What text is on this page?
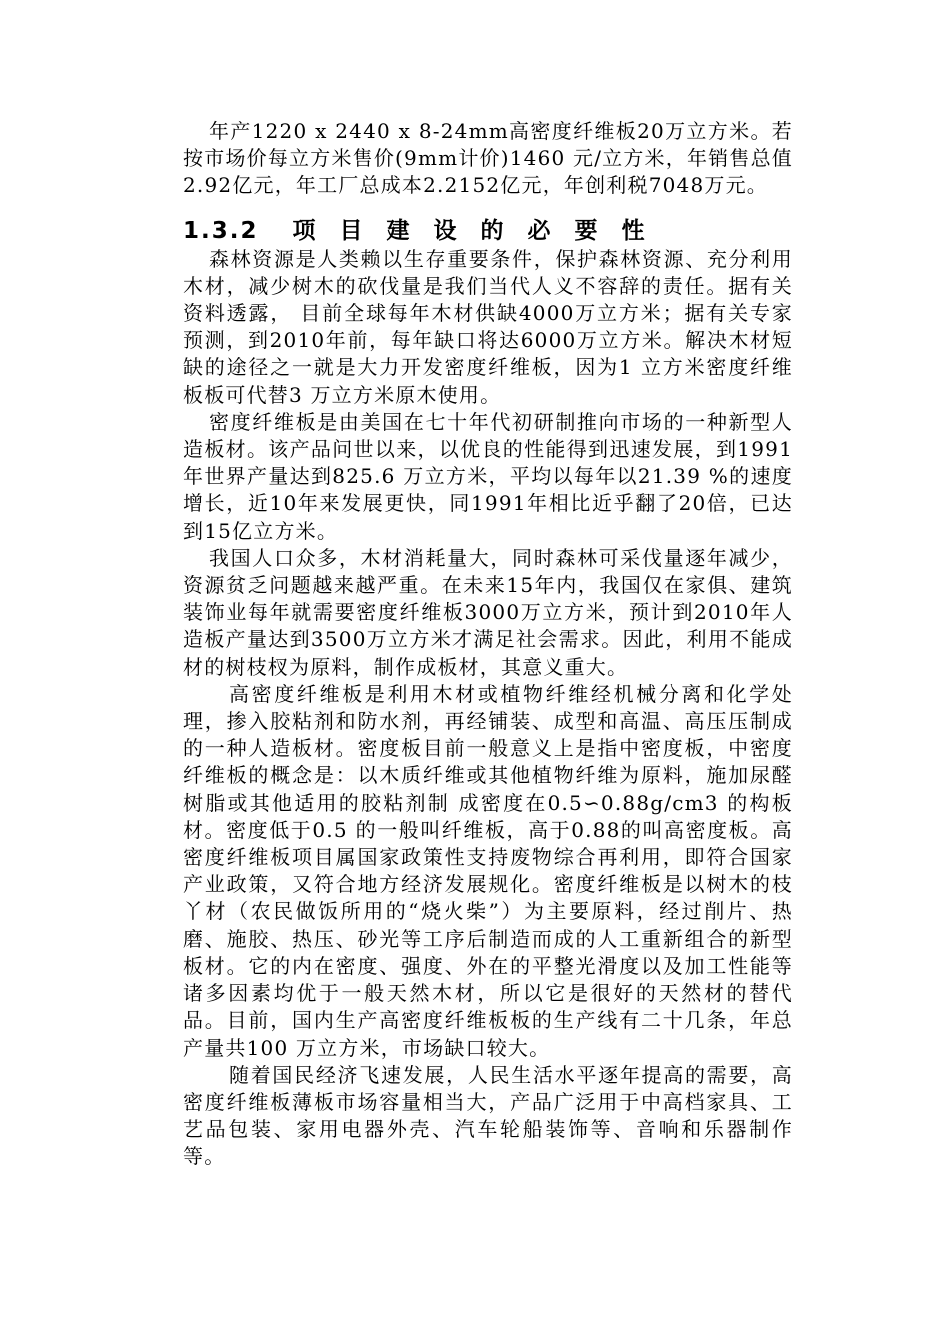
年产1220 x 2440 x 8-24mm高密度纤维板20万立方米。若按市场价每立方米售价(9mm计价)1460 元/立方米，年销售总值2.92亿元，年工厂总成本2.2152亿元，年创利税7048万元。

1.3.2 项目建设的必要性

森林资源是人类赖以生存重要条件，保护森林资源、充分利用木材，减少树木的砍伐量是我们当代人义不容辞的责任。据有关资料透露， 目前全球每年木材供缺4000万立方米；据有关专家预测，到2010年前，每年缺口将达6000万立方米。解决木材短缺的途径之一就是大力开发密度纤维板，因为1 立方米密度纤维板板可代替3 万立方米原木使用。

密度纤维板是由美国在七十年代初研制推向市场的一种新型人造板材。该产品问世以来，以优良的性能得到迅速发展，到1991年世界产量达到825.6 万立方米，平均以每年以21.39 %的速度增长，近10年来发展更快，同1991年相比近乎翻了20倍，已达到15亿立方米。

我国人口众多，木材消耗量大，同时森林可采伐量逐年减少，资源贫乏问题越来越严重。在未来15年内，我国仅在家俱、建筑装饰业每年就需要密度纤维板3000万立方米，预计到2010年人造板产量达到3500万立方米才满足社会需求。因此，利用不能成材的树枝杈为原料，制作成板材，其意义重大。

高密度纤维板是利用木材或植物纤维经机械分离和化学处理，掺入胶粘剂和防水剂，再经铺装、成型和高温、高压压制成的一种人造板材。密度板目前一般意义上是指中密度板，中密度纤维板的概念是：以木质纤维或其他植物纤维为原料，施加尿醛树脂或其他适用的胶粘剂制 成密度在0.5∽0.88g/cm3 的构板材。密度低于0.5 的一般叫纤维板，高于0.88的叫高密度板。高密度纤维板项目属国家政策性支持废物综合再利用，即符合国家产业政策，又符合地方经济发展规化。密度纤维板是以树木的枝丫材（农民做饭所用的“烧火柴”）为主要原料，经过削片、热磨、施胶、热压、砂光等工序后制造而成的人工重新组合的新型板材。它的内在密度、强度、外在的平整光滑度以及加工性能等诸多因素均优于一般天然木材，所以它是很好的天然材的替代品。目前，国内生产高密度纤维板板的生产线有二十几条，年总产量共100 万立方米，市场缺口较大。

随着国民经济飞速发展，人民生活水平逐年提高的需要，高密度纤维板薄板市场容量相当大，产品广泛用于中高档家具、工艺品包装、家用电器外壳、汽车轮船装饰等、音响和乐器制作等。
